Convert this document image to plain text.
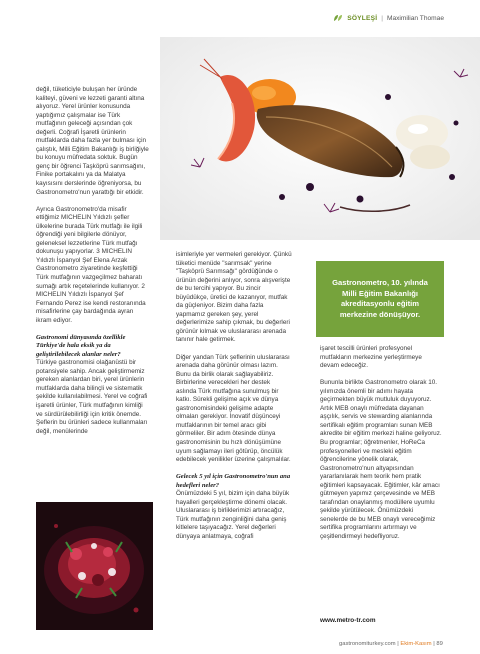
SÖYLEŞİ | Maximilian Thomae

değil, tüketiciyle buluşan her üründe kaliteyi, güveni ve lezzeti garanti altına alıyoruz. Yerel ürünler konusunda yaptığımız çalışmalar ise Türk mutfağının geleceği açısından çok değerli. Coğrafi İşaretli ürünlerin mutfaklarda daha fazla yer bulması için çalıştık, Milli Eğitim Bakanlığı iş birliğiyle bu konuyu müfredata soktuk. Bugün genç bir öğrenci Taşköprü sarımsağını, Finike portakalını ya da Malatya kayısısını derslerinde öğreniyorsa, bu Gastronometro'nun yarattığı bir etkidir.

Ayrıca Gastronometro'da misafir ettiğimiz MICHELIN Yıldızlı şefler ülkelerine burada Türk mutfağı ile ilgili öğrendiği yeni bilgilerle dönüyor, geleneksel lezzetlerine Türk mutfağı dokunuşu yapıyorlar. 3 MICHELIN Yıldızlı İspanyol Şef Elena Arzak Gastronometro ziyaretinde keşfettiği Türk mutfağının vazgeçilmez baharatı sumağı artık reçetelerinde kullanıyor. 2 MICHELIN Yıldızlı İspanyol Şef Fernando Perez ise kendi restoranında misafirlerine çay bardağında ayran ikram ediyor.

Gastronomi dünyasında özellikle Türkiye'de hala eksik ya da geliştirilebilecek alanlar neler?

Türkiye gastronomisi olağanüstü bir potansiyele sahip. Ancak geliştirmemiz gereken alanlardan biri, yerel ürünlerin mutfaklarda daha bilinçli ve sistematik şekilde kullanılabilmesi. Yerel ve coğrafi işaretli ürünler, Türk mutfağının kimliği ve sürdürülebilirliği için kritik önemde. Şeflerin bu ürünleri sadece kullanmaları değil, menülerinde

isimleriyle yer vermeleri gerekiyor. Çünkü tüketici menüde "sarımsak" yerine "Taşköprü Sarımsağı" gördüğünde o ürünün değerini anlıyor, sonra alışverişte de bu tercihi yapıyor. Bu zincir büyüdükçe, üretici de kazanıyor, mutfak da güçleniyor. Bizim daha fazla yapmamız gereken şey, yerel değerlerimize sahip çıkmak, bu değerleri görünür kılmak ve uluslararası arenada tanınır hale getirmek.

Diğer yandan Türk şeflerinin uluslararası arenada daha görünür olması lazım. Bunu da birlik olarak sağlayabiliriz. Birbirlerine verecekleri her destek aslında Türk mutfağına sunulmuş bir katkı. Sürekli gelişime açık ve dünya gastronomisindeki gelişime adapte olmaları gerekiyor. İnovatif düşünceyi mutfaklarının bir temel aracı gibi görmeliler. Bir adım ötesinde dünya gastronomisinin bu hızlı dönüşümüne uyum sağlamayı ileri götürüp, öncülük edebilecek yenilikler üzerine çalışmalılar.

Gelecek 5 yıl için Gastronometro'nun ana hedefleri neler?

Önümüzdeki 5 yıl, bizim için daha büyük hayalleri gerçekleştirme dönemi olacak. Uluslararası iş birliklerimizi artıracağız, Türk mutfağının zenginliğini daha geniş kitlelere taşıyacağız. Yerel değerleri dünyaya anlatmaya, coğrafi

Gastronometro, 10. yılında Milli Eğitim Bakanlığı akreditasyonlu eğitim merkezine dönüşüyor.

işaret tescilli ürünleri profesyonel mutfakların merkezine yerleştirmeye devam edeceğiz.

Bununla birlikte Gastronometro olarak 10. yılımızda önemli bir adımı hayata geçirmekten büyük mutluluk duyuyoruz. Artık MEB onaylı müfredata dayanan aşçılık, servis ve stewarding alanlarında sertifikalı eğitim programları sunan MEB akredite bir eğitim merkezi haline geliyoruz. Bu programlar; öğretmenler, HoReCa profesyonelleri ve mesleki eğitim öğrencilerine yönelik olarak, Gastronometro'nun altyapısından yararlanılarak hem teorik hem pratik eğitimleri kapsayacak. Eğitimler, kâr amacı gütmeyen yapımız çerçevesinde ve MEB tarafından onaylanmış modüllere uyumlu şekilde yürütülecek. Önümüzdeki senelerde de bu MEB onaylı vereceğimiz sertifika programlarını artırmayı ve çeşitlendirmeyi hedefliyoruz.

www.metro-tr.com
gastronomiturkey.com | Ekim-Kasım | 89
